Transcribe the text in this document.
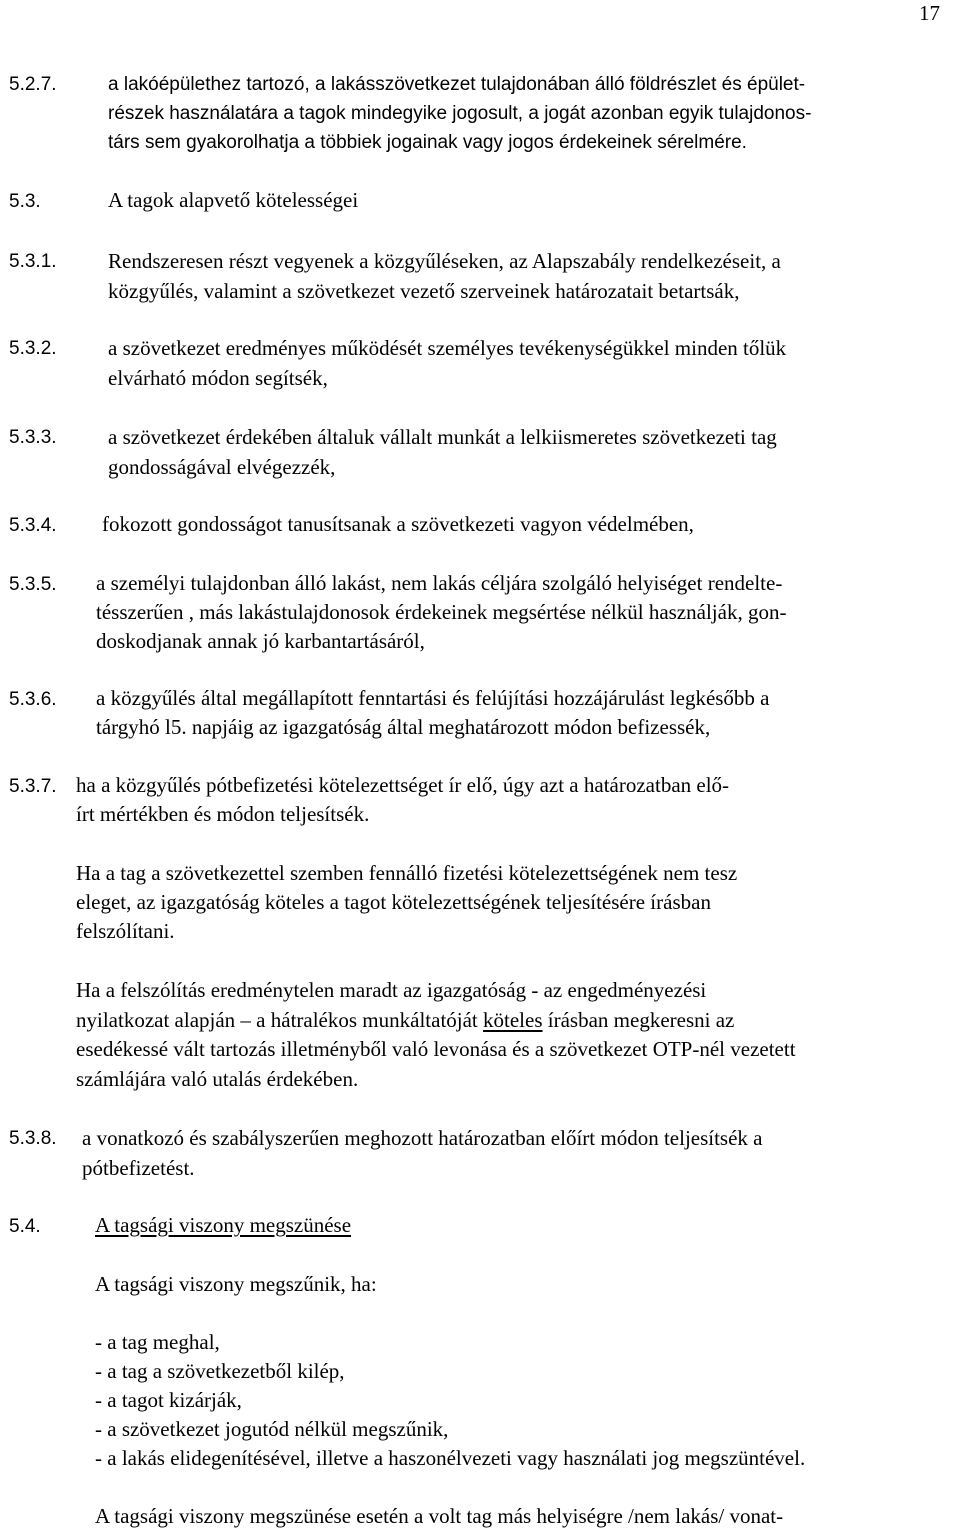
17
5.2.7.	a lakóépülethez tartozó, a lakásszövetkezet tulajdonában álló földrészlet és épület-
részek használatára a tagok mindegyike jogosult, a jogát azonban egyik tulajdonos-
társ sem gyakorolhatja a többiek jogainak vagy jogos érdekeinek sérelmére.
5.3.	A tagok alapvető kötelességei
5.3.1. Rendszeresen részt vegyenek a közgyűléseken, az Alapszabály rendelkezéseit, a
közgyűlés, valamint a szövetkezet vezető szerveinek határozatait betartsák,
5.3.2. a szövetkezet eredményes működését személyes tevékenységükkel minden tőlük
elvárható módon segítsék,
5.3.3. a szövetkezet érdekében általuk vállalt munkát a lelkiismeretes szövetkezeti tag
gondosságával elvégezzék,
5.3.4. fokozott gondosságot tanusítsanak a szövetkezeti vagyon védelmében,
5.3.5. a személyi tulajdonban álló lakást, nem lakás céljára szolgáló helyiséget rendelte-
tésszerűen , más lakástulajdonosok érdekeinek megsértése nélkül használják, gon-
doskodjanak annak jó karbantartásáról,
5.3.6. a közgyűlés által megállapított fenntartási és felújítási hozzájárulást legkésőbb a
tárgyhó l5. napjáig az igazgatóság által meghatározott módon befizessék,
5.3.7. ha a közgyűlés pótbefizetési kötelezettséget ír elő, úgy azt a határozatban elő-
írt mértékben és módon teljesítsék.
Ha a tag a szövetkezettel szemben fennálló fizetési kötelezettségének nem tesz
eleget, az igazgatóság köteles a tagot kötelezettségének teljesítésére írásban
felszólítani.
Ha a felszólítás eredménytelen maradt az igazgatóság - az engedményezési
nyilatkozat alapján – a hátralékos munkáltatóját köteles írásban megkeresni az
esedékessé vált tartozás illetményből való levonása és a szövetkezet OTP-nél vezetett
számlájára való utalás érdekében.
5.3.8. a vonatkozó és szabályszerűen meghozott határozatban előírt módon teljesítsék a
pótbefizetést.
5.4.	A tagsági viszony megszünése
A tagsági viszony megszűnik, ha:
- a tag meghal,
- a tag a szövetkezetből kilép,
- a tagot kizárják,
- a szövetkezet jogutód nélkül megszűnik,
- a lakás elidegenítésével, illetve a haszonélvezeti vagy használati jog megszüntével.
A tagsági viszony megszünése esetén a volt tag más helyiségre /nem lakás/ vonat-
